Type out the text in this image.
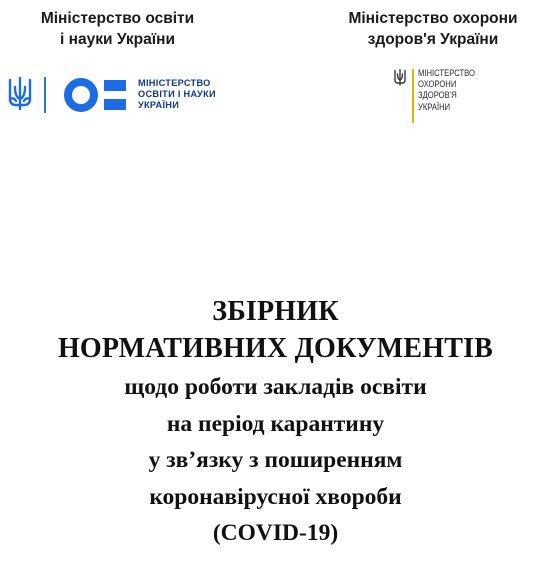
Міністерство освіти
і науки України
Міністерство охорони
здоров'я України
МІНІСТЕРСТВО
ОСВІТИ І НАУКИ
УКРАЇНИ
МІНІСТЕРСТВО
ОХОРОНИ
ЗДОРОВ'Я
УКРАЇНИ
ЗБІРНИК
НОРМАТИВНИХ ДОКУМЕНТІВ
щодо роботи закладів освіти
на період карантину
у зв’язку з поширенням
коронавірусної хвороби
(COVID-19)
